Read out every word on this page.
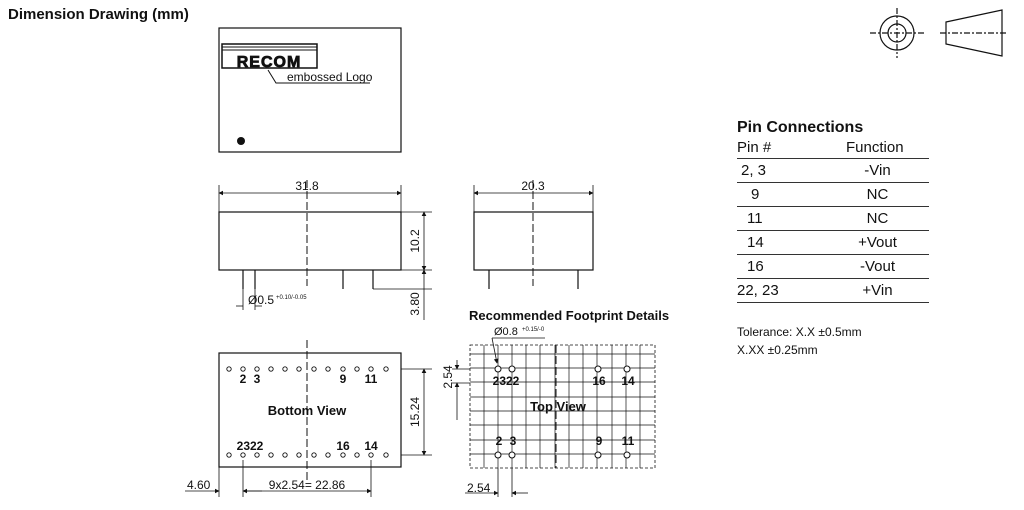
Dimension Drawing (mm)
RECOM
embossed Logo
31.8
10.2
3.80
Ø0.5 +0.10/-0.05
20.3
2 3	9 11
Bottom View
2322	16 14
15.24
4.60	9x2.54= 22.86
Recommended Footprint Details
Ø0.8 +0.15/-0
2.54	2322	16 14
Top View
2 3	9 11
2.54
Pin Connections
Pin #	Function
2, 3	-Vin
9	NC
11	NC
14	+Vout
16	-Vout
22, 23	+Vin
Tolerance: X.X ±0.5mm
X.XX ±0.25mm
